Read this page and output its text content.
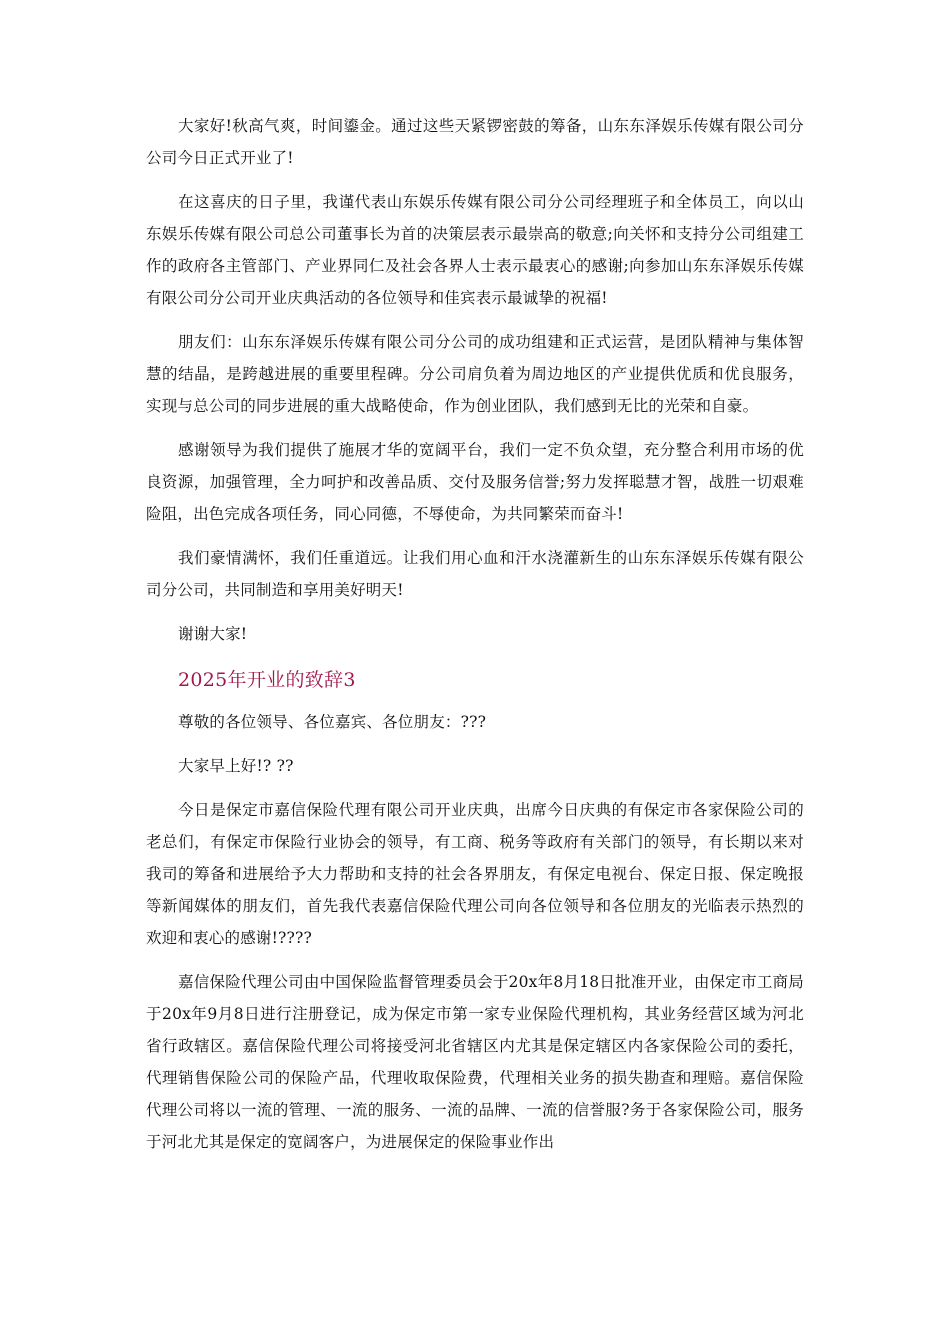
大家好!秋高气爽，时间鎏金。通过这些天紧锣密鼓的筹备，山东东泽娱乐传媒有限公司分公司今日正式开业了!

在这喜庆的日子里，我谨代表山东娱乐传媒有限公司分公司经理班子和全体员工，向以山东娱乐传媒有限公司总公司董事长为首的决策层表示最崇高的敬意;向关怀和支持分公司组建工作的政府各主管部门、产业界同仁及社会各界人士表示最衷心的感谢;向参加山东东泽娱乐传媒有限公司分公司开业庆典活动的各位领导和佳宾表示最诚挚的祝福!

朋友们：山东东泽娱乐传媒有限公司分公司的成功组建和正式运营，是团队精神与集体智慧的结晶，是跨越进展的重要里程碑。分公司肩负着为周边地区的产业提供优质和优良服务，实现与总公司的同步进展的重大战略使命，作为创业团队，我们感到无比的光荣和自豪。

感谢领导为我们提供了施展才华的宽阔平台，我们一定不负众望，充分整合利用市场的优良资源，加强管理，全力呵护和改善品质、交付及服务信誉;努力发挥聪慧才智，战胜一切艰难险阻，出色完成各项任务，同心同德，不辱使命，为共同繁荣而奋斗!

我们豪情满怀，我们任重道远。让我们用心血和汗水浇灌新生的山东东泽娱乐传媒有限公司分公司，共同制造和享用美好明天!

谢谢大家!

2025年开业的致辞3

尊敬的各位领导、各位嘉宾、各位朋友：???

大家早上好!? ??

今日是保定市嘉信保险代理有限公司开业庆典，出席今日庆典的有保定市各家保险公司的老总们，有保定市保险行业协会的领导，有工商、税务等政府有关部门的领导，有长期以来对我司的筹备和进展给予大力帮助和支持的社会各界朋友，有保定电视台、保定日报、保定晚报等新闻媒体的朋友们，首先我代表嘉信保险代理公司向各位领导和各位朋友的光临表示热烈的欢迎和衷心的感谢!????

嘉信保险代理公司由中国保险监督管理委员会于20x年8月18日批准开业，由保定市工商局于20x年9月8日进行注册登记，成为保定市第一家专业保险代理机构，其业务经营区域为河北省行政辖区。嘉信保险代理公司将接受河北省辖区内尤其是保定辖区内各家保险公司的委托，代理销售保险公司的保险产品，代理收取保险费，代理相关业务的损失勘查和理赔。嘉信保险代理公司将以一流的管理、一流的服务、一流的品牌、一流的信誉服?务于各家保险公司，服务于河北尤其是保定的宽阔客户，为进展保定的保险事业作出
